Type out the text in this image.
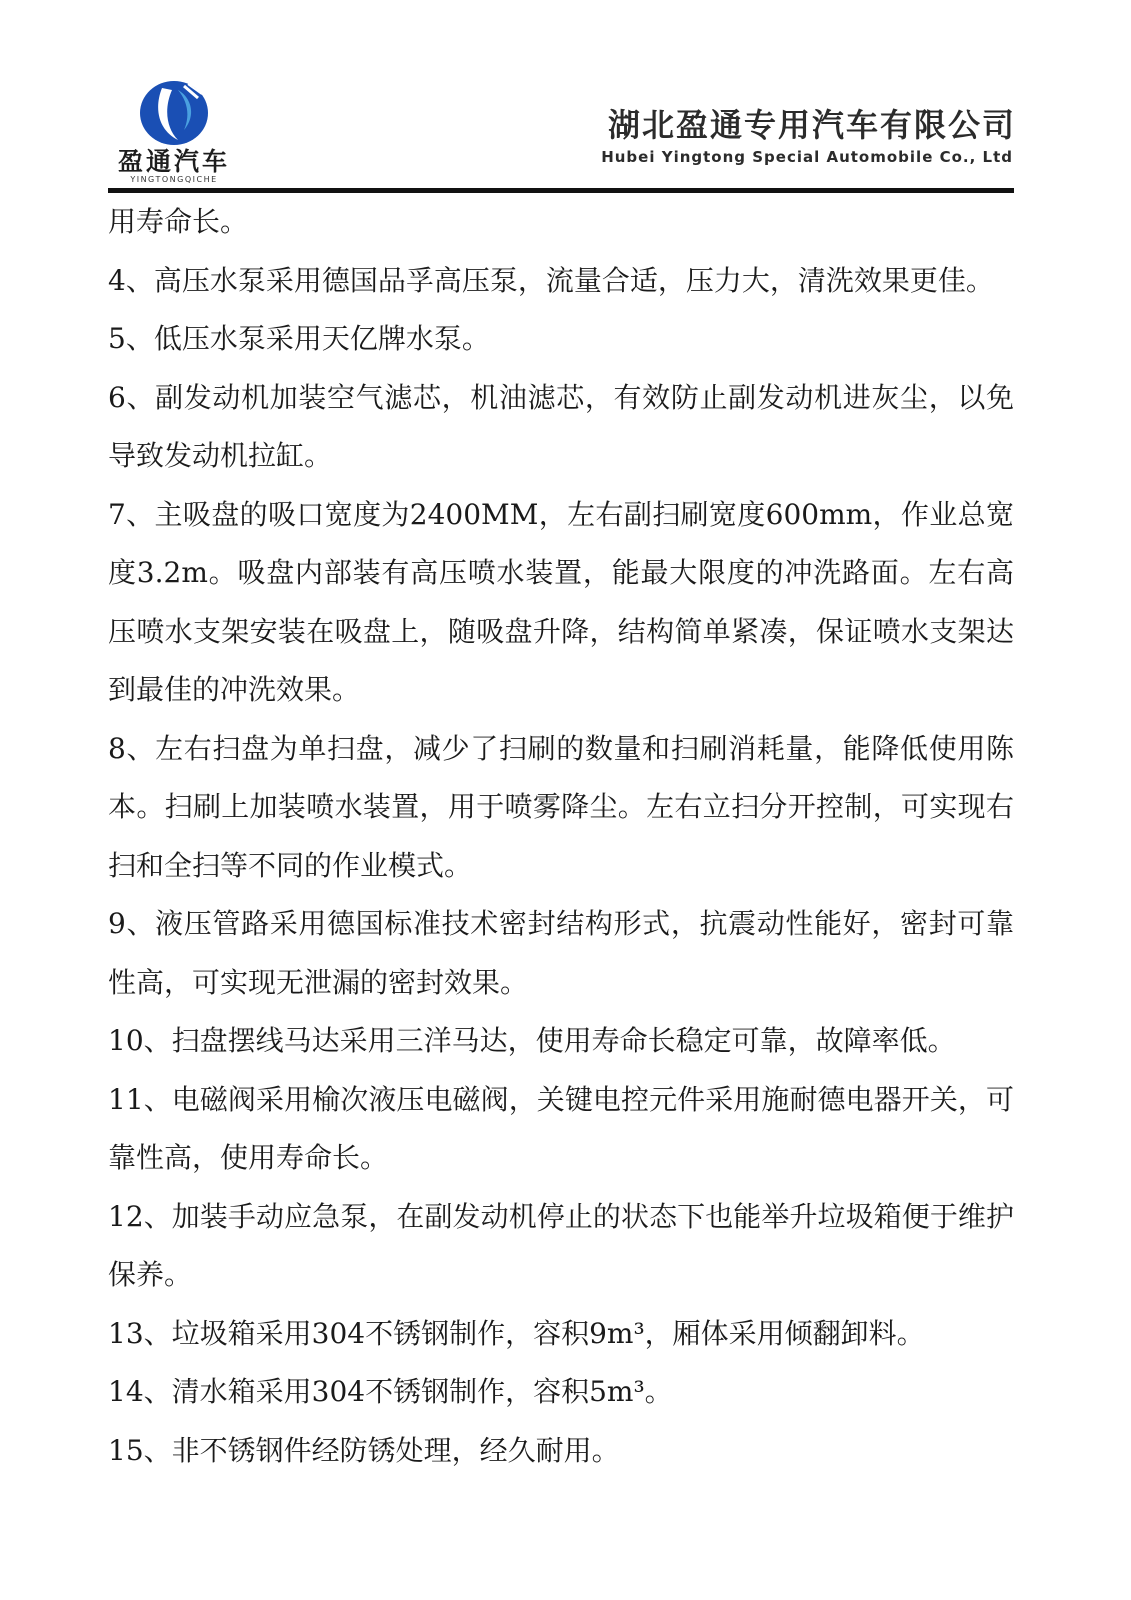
盈通汽车
YINGTONGQICHE
湖北盈通专用汽车有限公司
Hubei Yingtong Special Automobile Co., Ltd

用寿命长。

4、高压水泵采用德国品孚高压泵，流量合适，压力大，清洗效果更佳。

5、低压水泵采用天亿牌水泵。

6、副发动机加装空气滤芯，机油滤芯，有效防止副发动机进灰尘，以免导致发动机拉缸。

7、主吸盘的吸口宽度为2400MM，左右副扫刷宽度600mm，作业总宽度3.2m。吸盘内部装有高压喷水装置，能最大限度的冲洗路面。左右高压喷水支架安装在吸盘上，随吸盘升降，结构简单紧凑，保证喷水支架达到最佳的冲洗效果。

8、左右扫盘为单扫盘，减少了扫刷的数量和扫刷消耗量，能降低使用陈本。扫刷上加装喷水装置，用于喷雾降尘。左右立扫分开控制，可实现右扫和全扫等不同的作业模式。

9、液压管路采用德国标准技术密封结构形式，抗震动性能好，密封可靠性高，可实现无泄漏的密封效果。

10、扫盘摆线马达采用三洋马达，使用寿命长稳定可靠，故障率低。

11、电磁阀采用榆次液压电磁阀，关键电控元件采用施耐德电器开关，可靠性高，使用寿命长。

12、加装手动应急泵，在副发动机停止的状态下也能举升垃圾箱便于维护保养。

13、垃圾箱采用304不锈钢制作，容积9m³，厢体采用倾翻卸料。

14、清水箱采用304不锈钢制作，容积5m³。

15、非不锈钢件经防锈处理，经久耐用。
